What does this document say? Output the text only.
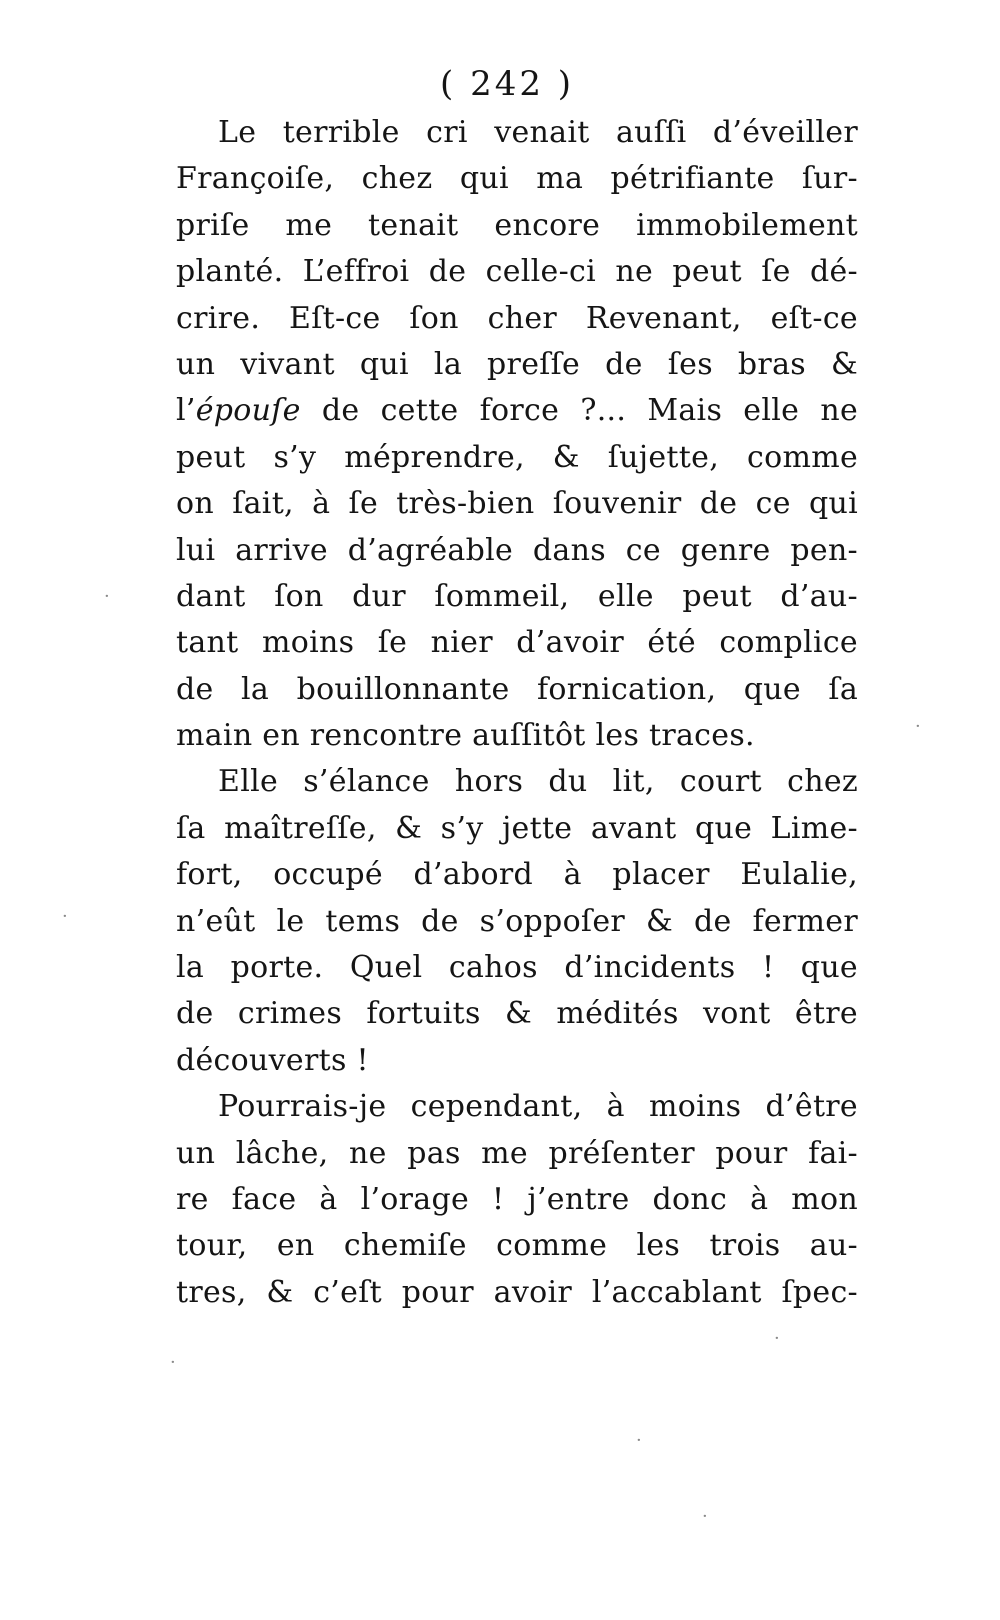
( 242 )
Le terrible cri venait auſſi d’éveiller
Françoiſe, chez qui ma pétrifiante ſur-
priſe me tenait encore immobilement
planté. L’effroi de celle-ci ne peut ſe dé-
crire. Eſt-ce ſon cher Revenant, eſt-ce
un vivant qui la preſſe de ſes bras &
l’épouſe de cette force ?... Mais elle ne
peut s’y méprendre, & ſujette, comme
on ſait, à ſe très-bien ſouvenir de ce qui
lui arrive d’agréable dans ce genre pen-
dant ſon dur ſommeil, elle peut d’au-
tant moins ſe nier d’avoir été complice
de la bouillonnante fornication, que ſa
main en rencontre auſſitôt les traces.
Elle s’élance hors du lit, court chez
ſa maîtreſſe, & s’y jette avant que Lime-
fort, occupé d’abord à placer Eulalie,
n’eût le tems de s’oppoſer & de fermer
la porte. Quel cahos d’incidents ! que
de crimes fortuits & médités vont être
découverts !
Pourrais-je cependant, à moins d’être
un lâche, ne pas me préſenter pour fai-
re face à l’orage ! j’entre donc à mon
tour, en chemiſe comme les trois au-
tres, & c’eſt pour avoir l’accablant ſpec-
·
·
·
·
·
·
·
